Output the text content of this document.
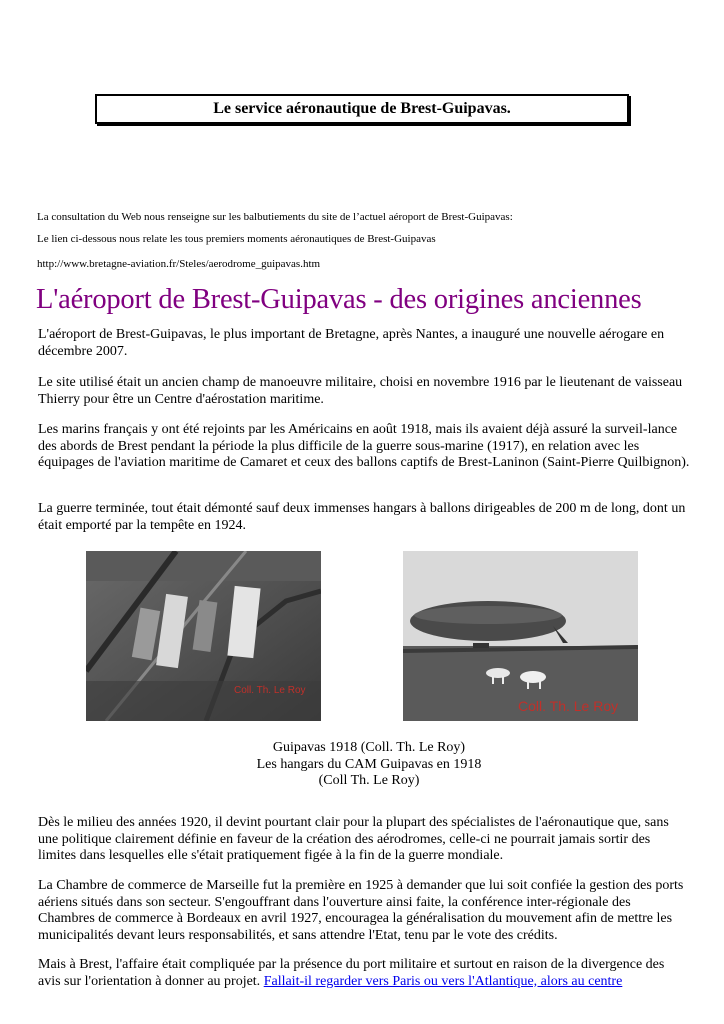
Le service aéronautique de Brest-Guipavas.
La consultation du Web nous renseigne sur les balbutiements du site de l’actuel aéroport de Brest-Guipavas:
Le lien ci-dessous nous relate les tous premiers moments aéronautiques de Brest-Guipavas
http://www.bretagne-aviation.fr/Steles/aerodrome_guipavas.htm
L'aéroport de Brest-Guipavas - des origines anciennes

L'aéroport de Brest-Guipavas, le plus important de Bretagne, après Nantes, a inauguré une nouvelle aérogare en décembre 2007.

Le site utilisé était un ancien champ de manoeuvre militaire, choisi en novembre 1916 par le lieutenant de vaisseau Thierry pour être un Centre d'aérostation maritime.

Les marins français y ont été rejoints par les Américains en août 1918, mais ils avaient déjà assuré la surveil-lance des abords de Brest pendant la période la plus difficile de la guerre sous-marine (1917), en relation avec les équipages de l'aviation maritime de Camaret et ceux des ballons captifs de Brest-Laninon (Saint-Pierre Quilbignon).

La guerre terminée, tout était démonté sauf deux immenses hangars à ballons dirigeables de 200 m de long, dont un était emporté par la tempête en 1924.

Coll. Th. Le Roy
Coll. Th. Le Roy
Guipavas 1918 (Coll. Th. Le Roy)
Les hangars du CAM Guipavas en 1918
(Coll Th. Le Roy)

Dès le milieu des années 1920, il devint pourtant clair pour la plupart des spécialistes de l'aéronautique que, sans une politique clairement définie en faveur de la création des aérodromes, celle-ci ne pourrait jamais sortir des limites dans lesquelles elle s'était pratiquement figée à la fin de la guerre mondiale.

La Chambre de commerce de Marseille fut la première en 1925 à demander que lui soit confiée la gestion des ports aériens situés dans son secteur. S'engouffrant dans l'ouverture ainsi faite, la conférence inter-régionale des Chambres de commerce à Bordeaux en avril 1927, encouragea la généralisation du mouvement afin de mettre les municipalités devant leurs responsabilités, et sans attendre l'Etat, tenu par le vote des crédits.

Mais à Brest, l'affaire était compliquée par la présence du port militaire et surtout en raison de la divergence des avis sur l'orientation à donner au projet. Fallait-il regarder vers Paris ou vers l'Atlantique, alors au centre
